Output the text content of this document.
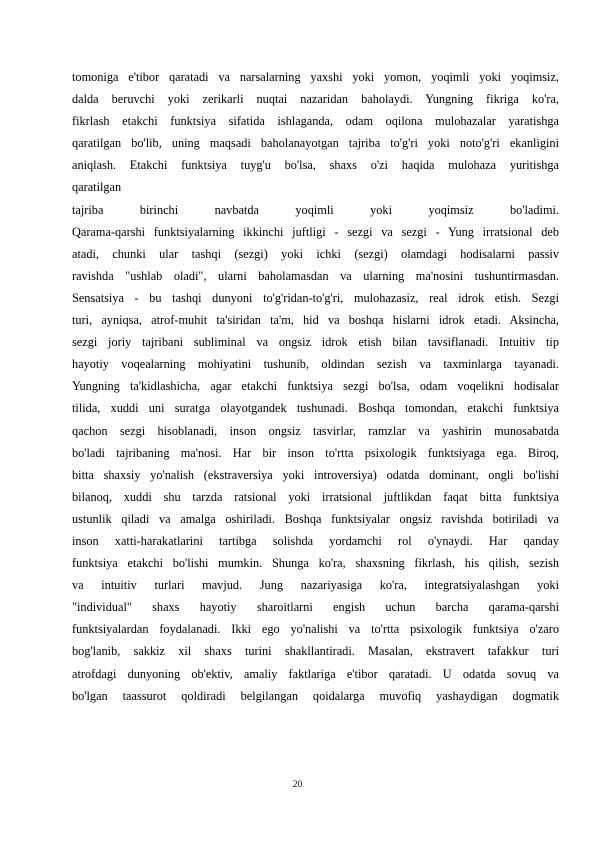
tomoniga e'tibor qaratadi va narsalarning yaxshi yoki yomon, yoqimli yoki yoqimsiz,
dalda beruvchi yoki zerikarli nuqtai nazaridan baholaydi. Yungning fikriga ko'ra,
fikrlash etakchi funktsiya sifatida ishlaganda, odam oqilona mulohazalar yaratishga
qaratilgan bo'lib, uning maqsadi baholanayotgan tajriba to'g'ri yoki noto'g'ri ekanligini
aniqlash. Etakchi funktsiya tuyg'u bo'lsa, shaxs o'zi haqida mulohaza yuritishga
qaratilgan
tajriba birinchi navbatda yoqimli yoki yoqimsiz bo'ladimi.
Qarama-qarshi funktsiyalarning ikkinchi juftligi - sezgi va sezgi - Yung irratsional deb
atadi, chunki ular tashqi (sezgi) yoki ichki (sezgi) olamdagi hodisalarni passiv
ravishda "ushlab oladi", ularni baholamasdan va ularning ma'nosini tushuntirmasdan.
Sensatsiya - bu tashqi dunyoni to'g'ridan-to'g'ri, mulohazasiz, real idrok etish. Sezgi
turi, ayniqsa, atrof-muhit ta'siridan ta'm, hid va boshqa hislarni idrok etadi. Aksincha,
sezgi joriy tajribani subliminal va ongsiz idrok etish bilan tavsiflanadi. Intuitiv tip
hayotiy voqealarning mohiyatini tushunib, oldindan sezish va taxminlarga tayanadi.
Yungning ta'kidlashicha, agar etakchi funktsiya sezgi bo'lsa, odam voqelikni hodisalar
tilida, xuddi uni suratga olayotgandek tushunadi. Boshqa tomondan, etakchi funktsiya
qachon sezgi hisoblanadi, inson ongsiz tasvirlar, ramzlar va yashirin munosabatda
bo'ladi tajribaning ma'nosi. Har bir inson to'rtta psixologik funktsiyaga ega. Biroq,
bitta shaxsiy yo'nalish (ekstraversiya yoki introversiya) odatda dominant, ongli bo'lishi
bilanoq, xuddi shu tarzda ratsional yoki irratsional juftlikdan faqat bitta funktsiya
ustunlik qiladi va amalga oshiriladi. Boshqa funktsiyalar ongsiz ravishda botiriladi va
inson xatti-harakatlarini tartibga solishda yordamchi rol o'ynaydi. Har qanday
funktsiya etakchi bo'lishi mumkin. Shunga ko'ra, shaxsning fikrlash, his qilish, sezish
va intuitiv turlari mavjud. Jung nazariyasiga ko'ra, integratsiyalashgan yoki
"individual" shaxs hayotiy sharoitlarni engish uchun barcha qarama-qarshi
funktsiyalardan foydalanadi. Ikki ego yo'nalishi va to'rtta psixologik funktsiya o'zaro
bog'lanib, sakkiz xil shaxs turini shakllantiradi. Masalan, ekstravert tafakkur turi
atrofdagi dunyoning ob'ektiv, amaliy faktlariga e'tibor qaratadi. U odatda sovuq va
bo'lgan taassurot qoldiradi belgilangan qoidalarga muvofiq yashaydigan dogmatik
20
